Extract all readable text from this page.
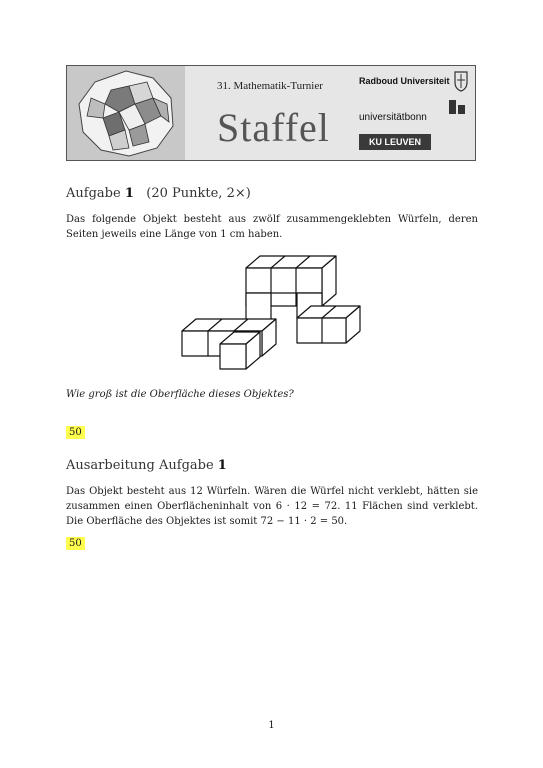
31. Mathematik-Turnier
Staffel
Radboud Universiteit
universitätbonn
KU LEUVEN
Aufgabe 1 (20 Punkte, 2×)
Das folgende Objekt besteht aus zwölf zusammengeklebten Würfeln, deren Seiten jeweils eine Länge von 1 cm haben.
Wie groß ist die Oberfläche dieses Objektes?
50
Ausarbeitung Aufgabe 1
Das Objekt besteht aus 12 Würfeln. Wären die Würfel nicht verklebt, hätten sie zusammen einen Oberflächeninhalt von 6 · 12 = 72. 11 Flächen sind verklebt. Die Oberfläche des Objektes ist somit 72 − 11 · 2 = 50.
50
1
